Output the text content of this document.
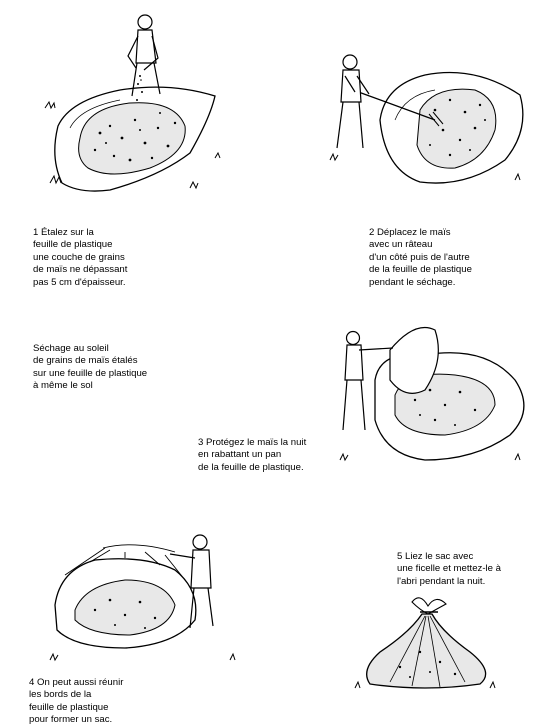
1 Étalez sur la
feuille de plastique
une couche de grains
de maïs ne dépassant
pas 5 cm d'épaisseur.
2 Déplacez le maïs
avec un râteau
d'un côté puis de l'autre
de la feuille de plastique
pendant le séchage.
Séchage au soleil
de grains de maïs étalés
sur une feuille de plastique
à même le sol
3 Protégez le maïs la nuit
en rabattant un pan
de la feuille de plastique.
5 Liez le sac avec
une ficelle et mettez-le à
l'abri pendant la nuit.
4 On peut aussi réunir
les bords de la
feuille de plastique
pour former un sac.
